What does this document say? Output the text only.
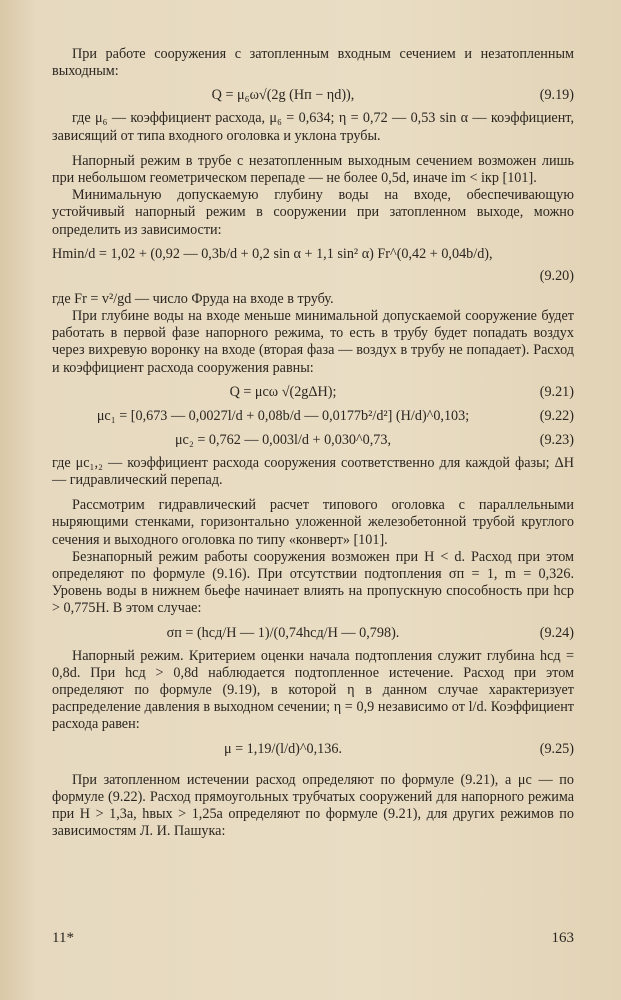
При работе сооружения с затопленным входным сечением и незатопленным выходным:

Q = μ₆ω√(2g (Hп − ηd)),	(9.19)

где μ₆ — коэффициент расхода, μ₆ = 0,634; η = 0,72 — 0,53 sin α — коэффициент, зависящий от типа входного оголовка и уклона трубы.

Напорный режим в трубе с незатопленным выходным сечением возможен лишь при небольшом геометрическом перепаде — не более 0,5d, иначе im < iкр [101].

Минимальную допускаемую глубину воды на входе, обеспечивающую устойчивый напорный режим в сооружении при затопленном выходе, можно определить из зависимости:

Hmin/d = 1,02 + (0,92 — 0,3b/d + 0,2 sin α + 1,1 sin² α) Fr^(0,42 + 0,04b/d),
(9.20)

где Fr = v²/gd — число Фруда на входе в трубу.

При глубине воды на входе меньше минимальной допускаемой сооружение будет работать в первой фазе напорного режима, то есть в трубу будет попадать воздух через вихревую воронку на входе (вторая фаза — воздух в трубу не попадает). Расход и коэффициент расхода сооружения равны:

Q = μсω √(2gΔH);	(9.21)
μс₁ = [0,673 — 0,0027l/d + 0,08b/d — 0,0177b²/d²] (H/d)^0,103;	(9.22)
μс₂ = 0,762 — 0,003l/d + 0,030^0,73,	(9.23)

где μс₁,₂ — коэффициент расхода сооружения соответственно для каждой фазы; ΔH — гидравлический перепад.

Рассмотрим гидравлический расчет типового оголовка с параллельными ныряющими стенками, горизонтально уложенной железобетонной трубой круглого сечения и выходного оголовка по типу «конверт» [101].

Безнапорный режим работы сооружения возможен при H < d. Расход при этом определяют по формуле (9.16). При отсутствии подтопления σп = 1, m = 0,326. Уровень воды в нижнем бьефе начинает влиять на пропускную способность при hср > 0,775H. В этом случае:

σп = (hсд/H — 1)/(0,74hсд/H — 0,798).	(9.24)

Напорный режим. Критерием оценки начала подтопления служит глубина hсд = 0,8d. При hсд > 0,8d наблюдается подтопленное истечение. Расход при этом определяют по формуле (9.19), в которой η в данном случае характеризует распределение давления в выходном сечении; η = 0,9 независимо от l/d. Коэффициент расхода равен:

μ = 1,19/(l/d)^0,136.	(9.25)

При затопленном истечении расход определяют по формуле (9.21), а μс — по формуле (9.22). Расход прямоугольных трубчатых сооружений для напорного режима при H > 1,3a, hвых > 1,25a определяют по формуле (9.21), для других режимов по зависимостям Л. И. Пашука:

11*	163
